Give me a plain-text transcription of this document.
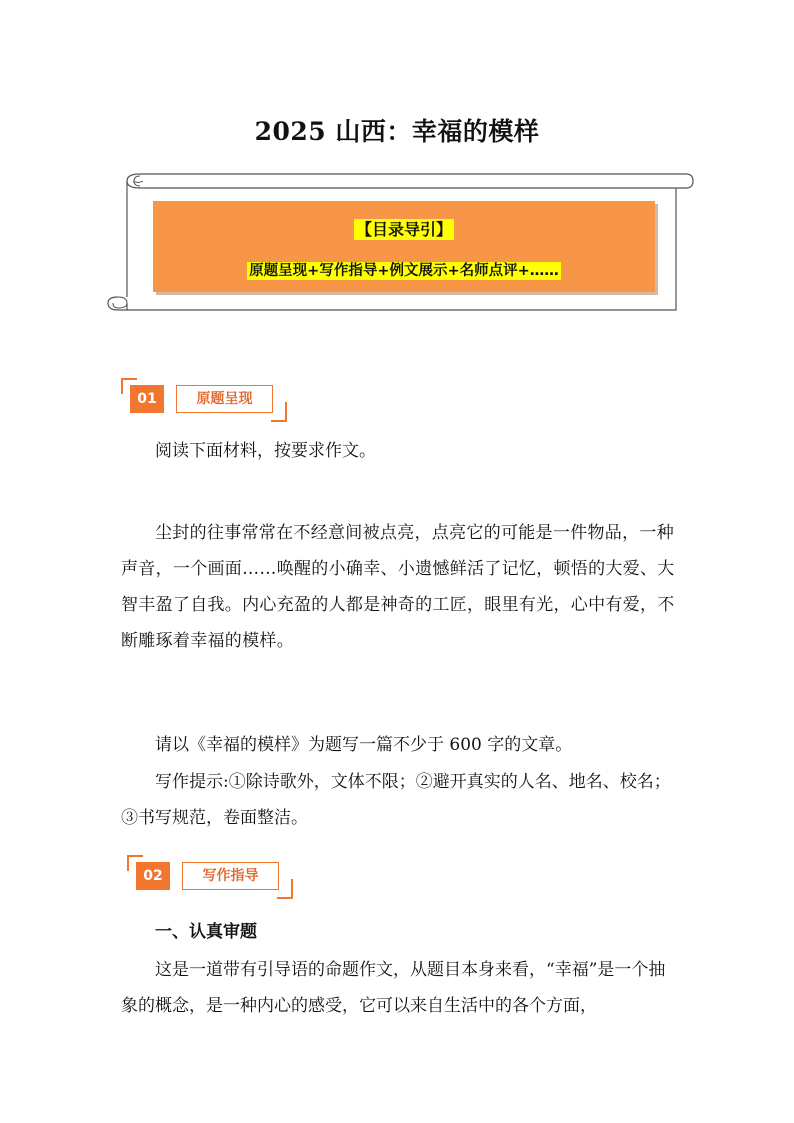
2025 山西：幸福的模样
【目录导引】
原题呈现+写作指导+例文展示+名师点评+……
01	原题呈现
阅读下面材料，按要求作文。
尘封的往事常常在不经意间被点亮，点亮它的可能是一件物品，一种声音，一个画面……唤醒的小确幸、小遗憾鲜活了记忆，顿悟的大爱、大智丰盈了自我。内心充盈的人都是神奇的工匠，眼里有光，心中有爱，不断雕琢着幸福的模样。
请以《幸福的模样》为题写一篇不少于 600 字的文章。
写作提示:①除诗歌外，文体不限；②避开真实的人名、地名、校名；③书写规范，卷面整洁。
02	写作指导
一、认真审题
这是一道带有引导语的命题作文，从题目本身来看，“幸福”是一个抽象的概念，是一种内心的感受，它可以来自生活中的各个方面，
